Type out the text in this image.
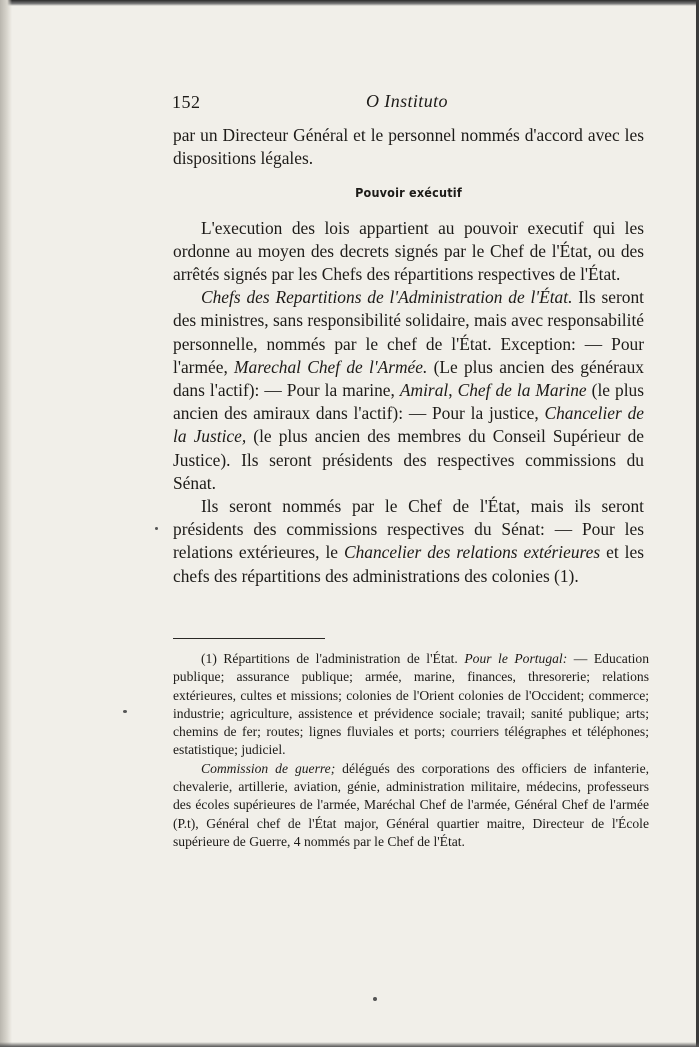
152	O Instituto

par un Directeur Général et le personnel nommés d'accord avec les dispositions légales.

Pouvoir exécutif

L'execution des lois appartient au pouvoir executif qui les ordonne au moyen des decrets signés par le Chef de l'État, ou des arrêtés signés par les Chefs des répartitions respectives de l'État.

Chefs des Repartitions de l'Administration de l'État. Ils seront des ministres, sans responsibilité solidaire, mais avec responsabilité personnelle, nommés par le chef de l'État. Exception: — Pour l'armée, Marechal Chef de l'Armée. (Le plus ancien des généraux dans l'actif): — Pour la marine, Amiral, Chef de la Marine (le plus ancien des amiraux dans l'actif): — Pour la justice, Chancelier de la Justice, (le plus ancien des membres du Conseil Supérieur de Justice). Ils seront présidents des respectives commissions du Sénat.

Ils seront nommés par le Chef de l'État, mais ils seront présidents des commissions respectives du Sénat: — Pour les relations extérieures, le Chancelier des relations extérieures et les chefs des répartitions des administrations des colonies (1).

(1) Répartitions de l'administration de l'État. Pour le Portugal: — Education publique; assurance publique; armée, marine, finances, thresorerie; relations extérieures, cultes et missions; colonies de l'Orient colonies de l'Occident; commerce; industrie; agriculture, assistence et prévidence sociale; travail; sanité publique; arts; chemins de fer; routes; lignes fluviales et ports; courriers télégraphes et téléphones; estatistique; judiciel.

Commission de guerre; délégués des corporations des officiers de infanterie, chevalerie, artillerie, aviation, génie, administration militaire, médecins, professeurs des écoles supérieures de l'armée, Maréchal Chef de l'armée, Général Chef de l'armée (P.t), Général chef de l'État major, Général quartier maitre, Directeur de l'École supérieure de Guerre, 4 nommés par le Chef de l'État.
